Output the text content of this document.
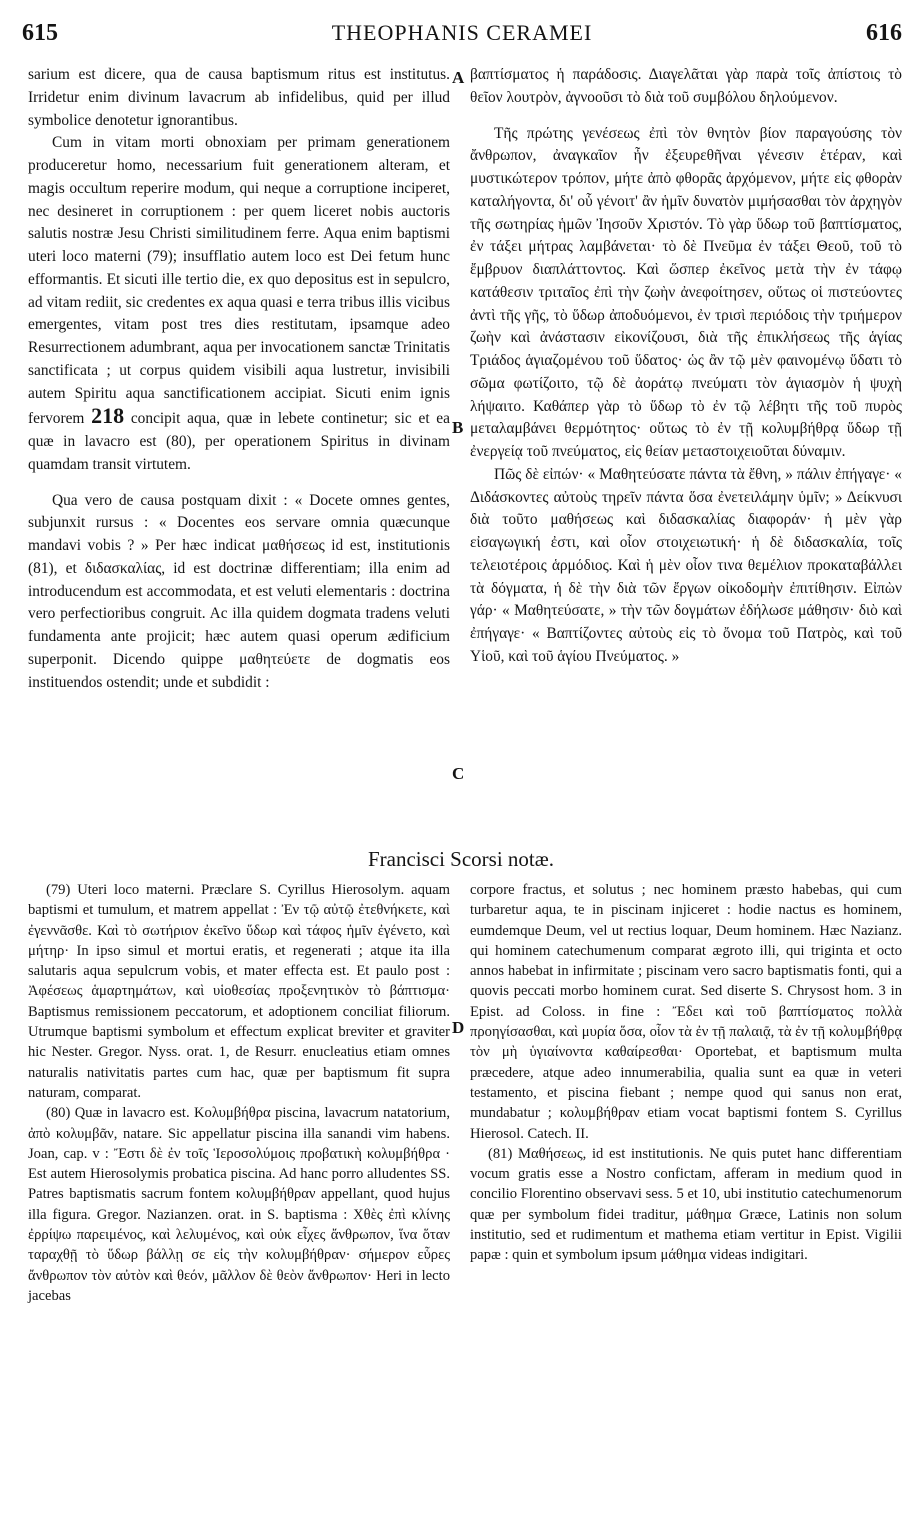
615	THEOPHANIS CERAMEI	616
A
B
C
D

sarium est dicere, qua de causa baptismum ritus est institutus. Irridetur enim divinum lavacrum ab infidelibus, quid per illud symbolice denotetur ignorantibus.

Cum in vitam morti obnoxiam per primam generationem produceretur homo, necessarium fuit generationem alteram, et magis occultum reperire modum, qui neque a corruptione inciperet, nec desineret in corruptionem : per quem liceret nobis auctoris salutis nostræ Jesu Christi similitudinem ferre. Aqua enim baptismi uteri loco materni (79); insufflatio autem loco est Dei fetum hunc efformantis. Et sicuti ille tertio die, ex quo depositus est in sepulcro, ad vitam rediit, sic credentes ex aqua quasi e terra tribus illis vicibus emergentes, vitam post tres dies restitutam, ipsamque adeo Resurrectionem adumbrant, aqua per invocationem sanctæ Trinitatis sanctificata ; ut corpus quidem visibili aqua lustretur, invisibili autem Spiritu aqua sanctificationem accipiat. Sicuti enim ignis fervorem 218 concipit aqua, quæ in lebete continetur; sic et ea quæ in lavacro est (80), per operationem Spiritus in divinam quamdam transit virtutem.

Qua vero de causa postquam dixit : « Docete omnes gentes, subjunxit rursus : « Docentes eos servare omnia quæcunque mandavi vobis ? » Per hæc indicat μαθήσεως id est, institutionis (81), et διδασκαλίας, id est doctrinæ differentiam; illa enim ad introducendum est accommodata, et est veluti elementaris : doctrina vero perfectioribus congruit. Ac illa quidem dogmata tradens veluti fundamenta ante projicit; hæc autem quasi operum ædificium superponit. Dicendo quippe μαθητεύετε de dogmatis eos instituendos ostendit; unde et subdidit :

βαπτίσματος ἡ παράδοσις. Διαγελᾶται γὰρ παρὰ τοῖς ἀπίστοις τὸ θεῖον λουτρὸν, ἀγνοοῦσι τὸ διὰ τοῦ συμβόλου δηλούμενον.

Τῆς πρώτης γενέσεως ἐπὶ τὸν θνητὸν βίον παραγούσης τὸν ἄνθρωπον, ἀναγκαῖον ἦν ἐξευρεθῆναι γένεσιν ἑτέραν, καὶ μυστικώτερον τρόπον, μήτε ἀπὸ φθορᾶς ἀρχόμενον, μήτε εἰς φθορὰν καταλήγοντα, δι' οὗ γένοιτ' ἂν ἡμῖν δυνατὸν μιμήσασθαι τὸν ἀρχηγὸν τῆς σωτηρίας ἡμῶν Ἰησοῦν Χριστόν. Τὸ γὰρ ὕδωρ τοῦ βαπτίσματος, ἐν τάξει μήτρας λαμβάνεται· τὸ δὲ Πνεῦμα ἐν τάξει Θεοῦ, τοῦ τὸ ἔμβρυον διαπλάττοντος. Καὶ ὥσπερ ἐκεῖνος μετὰ τὴν ἐν τάφῳ κατάθεσιν τριταῖος ἐπὶ τὴν ζωὴν ἀνεφοίτησεν, οὕτως οἱ πιστεύοντες ἀντὶ τῆς γῆς, τὸ ὕδωρ ἀποδυόμενοι, ἐν τρισὶ περιόδοις τὴν τριήμερον ζωὴν καὶ ἀνάστασιν εἰκονίζουσι, διὰ τῆς ἐπικλήσεως τῆς ἁγίας Τριάδος ἁγιαζομένου τοῦ ὕδατος· ὡς ἂν τῷ μὲν φαινομένῳ ὕδατι τὸ σῶμα φωτίζοιτο, τῷ δὲ ἀοράτῳ πνεύματι τὸν ἁγιασμὸν ἡ ψυχὴ λήψαιτο. Καθάπερ γὰρ τὸ ὕδωρ τὸ ἐν τῷ λέβητι τῆς τοῦ πυρὸς μεταλαμβάνει θερμότητος· οὕτως τὸ ἐν τῇ κολυμβήθρᾳ ὕδωρ τῇ ἐνεργείᾳ τοῦ πνεύματος, εἰς θείαν μεταστοιχειοῦται δύναμιν.

Πῶς δὲ εἰπών· « Μαθητεύσατε πάντα τὰ ἔθνη, » πάλιν ἐπήγαγε· « Διδάσκοντες αὐτοὺς τηρεῖν πάντα ὅσα ἐνετειλάμην ὑμῖν; » Δείκνυσι διὰ τοῦτο μαθήσεως καὶ διδασκαλίας διαφοράν· ἡ μὲν γὰρ εἰσαγωγική ἐστι, καὶ οἷον στοιχειωτική· ἡ δὲ διδασκαλία, τοῖς τελειοτέροις ἁρμόδιος. Καὶ ἡ μὲν οἷον τινα θεμέλιον προκαταβάλλει τὰ δόγματα, ἡ δὲ τὴν διὰ τῶν ἔργων οἰκοδομὴν ἐπιτίθησιν. Εἰπὼν γάρ· « Μαθητεύσατε, » τὴν τῶν δογμάτων ἐδήλωσε μάθησιν· διὸ καὶ ἐπήγαγε· « Βαπτίζοντες αὐτοὺς εἰς τὸ ὄνομα τοῦ Πατρὸς, καὶ τοῦ Υἱοῦ, καὶ τοῦ ἁγίου Πνεύματος. »

Francisci Scorsi notæ.

(79) Uteri loco materni. Præclare S. Cyrillus Hierosolym. aquam baptismi et tumulum, et matrem appellat : Ἐν τῷ αὐτῷ ἐτεθνήκετε, καὶ ἐγεννᾶσθε. Καὶ τὸ σωτήριον ἐκεῖνο ὕδωρ καὶ τάφος ἡμῖν ἐγένετο, καὶ μήτηρ· In ipso simul et mortui eratis, et regenerati ; atque ita illa salutaris aqua sepulcrum vobis, et mater effecta est. Et paulo post : Ἀφέσεως ἁμαρτημάτων, καὶ υἱοθεσίας προξενητικὸν τὸ βάπτισμα· Baptismus remissionem peccatorum, et adoptionem conciliat filiorum. Utrumque baptismi symbolum et effectum explicat breviter et graviter hic Nester. Gregor. Nyss. orat. 1, de Resurr. enucleatius etiam omnes naturalis nativitatis partes cum hac, quæ per baptismum fit supra naturam, comparat.

(80) Quæ in lavacro est. Κολυμβήθρα piscina, lavacrum natatorium, ἀπὸ κολυμβᾶν, natare. Sic appellatur piscina illa sanandi vim habens. Joan, cap. v : Ἔστι δὲ ἐν τοῖς Ἱεροσολύμοις προβατικὴ κολυμβήθρα · Est autem Hierosolymis probatica piscina. Ad hanc porro alludentes SS. Patres baptismatis sacrum fontem κολυμβήθραν appellant, quod hujus illa figura. Gregor. Nazianzen. orat. in S. baptisma : Χθὲς ἐπὶ κλίνης ἐρρίψω παρειμένος, καὶ λελυμένος, καὶ οὐκ εἶχες ἄνθρωπον, ἵνα ὅταν ταραχθῇ τὸ ὕδωρ βάλλῃ σε εἰς τὴν κολυμβήθραν· σήμερον εὗρες ἄνθρωπον τὸν αὐτὸν καὶ θεόν, μᾶλλον δὲ θεὸν ἄνθρωπον· Heri in lecto jacebas

corpore fractus, et solutus ; nec hominem præsto habebas, qui cum turbaretur aqua, te in piscinam injiceret : hodie nactus es hominem, eumdemque Deum, vel ut rectius loquar, Deum hominem. Hæc Nazianz. qui hominem catechumenum comparat ægroto illi, qui triginta et octo annos habebat in infirmitate ; piscinam vero sacro baptismatis fonti, qui a quovis peccati morbo hominem curat. Sed diserte S. Chrysost hom. 3 in Epist. ad Coloss. in fine : Ἔδει καὶ τοῦ βαπτίσματος πολλὰ προηγίσασθαι, καὶ μυρία ὅσα, οἷον τὰ ἐν τῇ παλαιᾷ, τὰ ἐν τῇ κολυμβήθρᾳ τὸν μὴ ὑγιαίνοντα καθαίρεσθαι· Oportebat, et baptismum multa præcedere, atque adeo innumerabilia, qualia sunt ea quæ in veteri testamento, et piscina fiebant ; nempe quod qui sanus non erat, mundabatur ; κολυμβήθραν etiam vocat baptismi fontem S. Cyrillus Hierosol. Catech. II.

(81) Μαθήσεως, id est institutionis. Ne quis putet hanc differentiam vocum gratis esse a Nostro confictam, afferam in medium quod in concilio Florentino observavi sess. 5 et 10, ubi institutio catechumenorum quæ per symbolum fidei traditur, μάθημα Græce, Latinis non solum institutio, sed et rudimentum et mathema etiam vertitur in Epist. Vigilii papæ : quin et symbolum ipsum μάθημα videas indigitari.
